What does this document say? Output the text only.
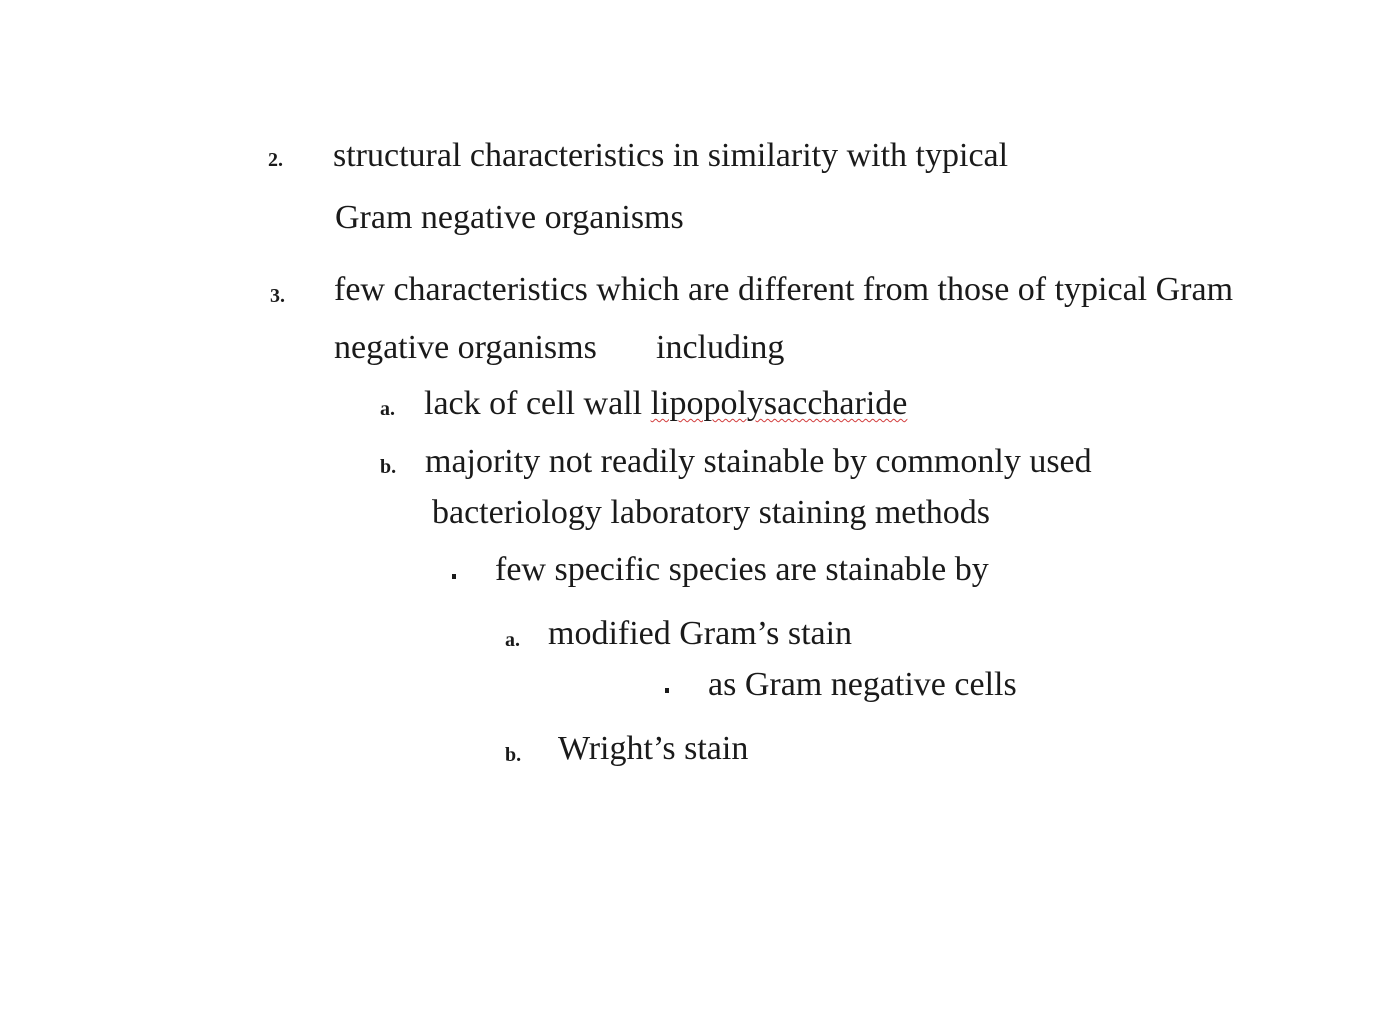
2. structural characteristics in similarity with typical
Gram negative organisms
3. few characteristics which are different from those of typical Gram
negative organisms including
a. lack of cell wall lipopolysaccharide
b. majority not readily stainable by commonly used
bacteriology laboratory staining methods
few specific species are stainable by
a. modified Gram’s stain
as Gram negative cells
b. Wright’s stain
